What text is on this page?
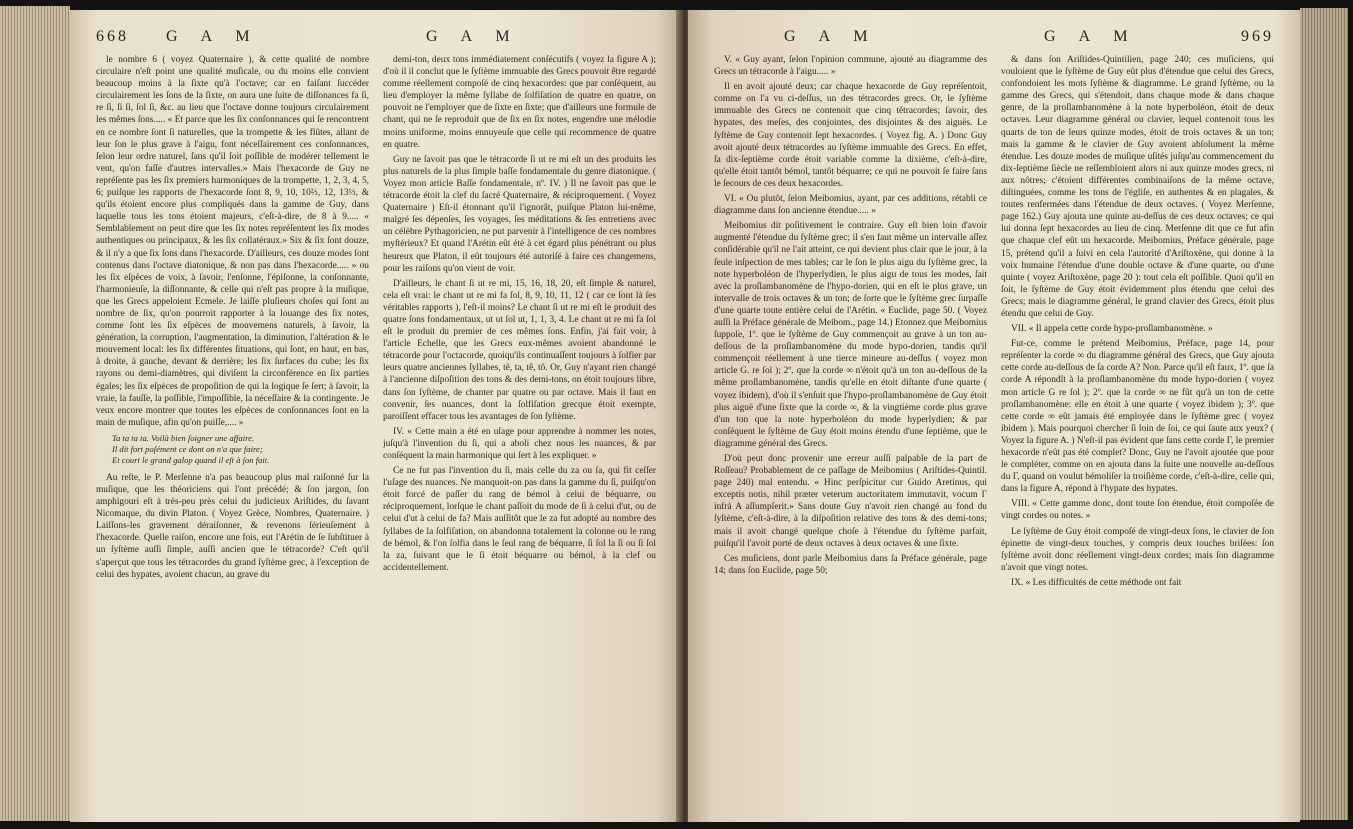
668 G A M	G A M

le nombre 6 ( voyez Quaternaire ), & cette qualité de nombre circulaire n'eſt point une qualité muſicale, ou du moins elle convient beaucoup moins à la ſixte qu'à l'octave; car en faiſant ſuccéder circulairement les ſons de la ſixte, on aura une ſuite de diſſonances fa ſi, re ſi, ſi ſi, ſol ſi, &c. au lieu que l'octave donne toujours circulairement les mêmes ſons..... « Et parce que les ſix conſonnances qui ſe rencontrent en ce nombre ſont ſi naturelles, que la trompette & les flûtes, allant de leur ſon le plus grave à l'aigu, font néceſſairement ces conſonnances, ſelon leur ordre naturel, ſans qu'il ſoit poſſible de modérer tellement le vent, qu'on faſſe d'autres intervalles.» Mais l'hexacorde de Guy ne repréſente pas les ſix premiers harmoniques de la trompette, 1, 2, 3, 4, 5, 6; puiſque les rapports de l'hexacorde ſont 8, 9, 10, 10⅔, 12, 13⅓, & qu'ils étoient encore plus compliqués dans la gamme de Guy, dans laquelle tous les tons étoient majeurs, c'eſt-à-dire, de 8 à 9..... « Semblablement on peut dire que les ſix notes repréſentent les ſix modes authentiques ou principaux, & les ſix collatéraux.» Six & ſix ſont douze, & il n'y a que ſix ſons dans l'hexacorde. D'ailleurs, ces douze modes ſont contenus dans l'octave diatonique, & non pas dans l'hexacorde..... » ou les ſix eſpèces de voix, à ſavoir, l'enſonne, l'épiſonne, la conſonnante, l'harmonieuſe, la diſſonnante, & celle qui n'eſt pas propre à la muſique, que les Grecs appeloient Ecmele. Je laiſſe pluſieurs choſes qui ſont au nombre de ſix, qu'on pourroit rapporter à la louange des ſix notes, comme ſont les ſix eſpèces de mouvemens naturels, à ſavoir, la génération, la corruption, l'augmentation, la diminution, l'altération & le mouvement local: les ſix différentes ſituations, qui ſont, en haut, en bas, à droite, à gauche, devant & derrière; les ſix ſurfaces du cube; les ſix rayons ou demi-diamètres, qui diviſent la circonférence en ſix parties égales; les ſix eſpèces de propoſition de qui la logique ſe ſert; à ſavoir, la vraie, la fauſſe, la poſſible, l'impoſſible, la néceſſaire & la contingente. Je veux encore montrer que toutes les eſpèces de conſonnances ſont en la main de muſique, afin qu'on puiſſe,.... »

Ta ta ta ta. Voilà bien ſoigner une affaire.
Il dit fort poſément ce dont on n'a que faire;
Et court le grand galop quand il eſt à ſon fait.

Au reſte, le P. Merſenne n'a pas beaucoup plus mal raiſonné ſur la muſique, que les théoriciens qui l'ont précédé; & ſon jargon, ſon amphigouri eſt à très-peu près celui du judicieux Ariſtides, du ſavant Nicomaque, du divin Platon. ( Voyez Grèce, Nombres, Quaternaire. ) Laiſſons-les gravement déraiſonner, & revenons ſérieuſement à l'hexacorde. Quelle raiſon, encore une fois, eut l'Arétin de ſe ſubſtituer à un ſyſtème auſſi ſimple, auſſi ancien que le tétracorde? C'eſt qu'il s'aperçut que tous les tétracordes du grand ſyſtème grec, à l'exception de celui des hypates, avoient chacun, au grave du

demi-ton, deux tons immédiatement conſécutifs ( voyez la figure A ); d'où il il conclut que le ſyſtème immuable des Grecs pouvoit être regardé comme réellement compoſé de cinq hexacordes: que par conſéquent, au lieu d'employer la même ſyllabe de ſolfiſation de quatre en quatre, on pouvoit ne l'employer que de ſixte en ſixte; que d'ailleurs une formule de chant, qui ne ſe reproduit que de ſix en ſix notes, engendre une mélodie moins uniforme, moins ennuyeuſe que celle qui recommence de quatre en quatre.

Guy ne ſavoit pas que le tétracorde ſi ut re mi eſt un des produits les plus naturels de la plus ſimple baſſe fondamentale du genre diatonique. ( Voyez mon article Baſſe fondamentale, nº. IV. ) Il ne ſavoit pas que le tétracorde étoit la clef du ſacré Quaternaire, & réciproquement. ( Voyez Quaternaire ) Eſt-il étonnant qu'il l'ignorât, puiſque Platon lui-même, malgré ſes dépenſes, ſes voyages, ſes méditations & ſes entretiens avec un célèbre Pythagoricien, ne put parvenir à l'intelligence de ces nombres myſtérieux? Et quand l'Arétin eût été à cet égard plus pénétrant ou plus heureux que Platon, il eût toujours été autoriſé à faire ces changemens, pour les raiſons qu'on vient de voir.

D'ailleurs, le chant ſi ut re mi, 15, 16, 18, 20, eſt ſimple & naturel, cela eſt vrai: le chant ut re mi fa ſol, 8, 9, 10, 11, 12 ( car ce ſont là ſes véritables rapports ), l'eſt-il moins? Le chant ſi ut re mi eſt le produit des quatre ſons fondamentaux, ut ut ſol ut, 1, 1, 3, 4. Le chant ut re mi fa ſol eſt le produit du premier de ces mêmes ſons. Enfin, j'ai fait voir, à l'article Echelle, que les Grecs eux-mêmes avoient abandonné le tétracorde pour l'octacorde, quoiqu'ils continuaſſent toujours à ſolfier par leurs quatre anciennes ſyllabes, tê, ta, tê, tô. Or, Guy n'ayant rien changé à l'ancienne diſpoſition des tons & des demi-tons, on étoit toujours libre, dans ſon ſyſtème, de chanter par quatre ou par octave. Mais il faut en convenir, ſes nuances, dont la ſolfiſation grecque étoit exempte, paroiſſent effacer tous les avantages de ſon ſyſtème.

IV. « Cette main a été en uſage pour apprendre à nommer les notes, juſqu'à l'invention du ſi, qui a aboli chez nous les nuances, & par conſéquent la main harmonique qui ſert à les expliquer. »

Ce ne fut pas l'invention du ſi, mais celle du za ou ſa, qui fit ceſſer l'uſage des nuances. Ne manquoit-on pas dans la gamme du ſi, puiſqu'on étoit forcé de paſſer du rang de bémol à celui de béquarre, ou réciproquement, lorſque le chant paſſoit du mode de ſi à celui d'ut, ou de celui d'ut à celui de fa? Mais auſſitôt que le za fut adopté au nombre des ſyllabes de la ſolfiſation, on abandonna totalement la colonne ou le rang de bémol, & l'on ſolfia dans le ſeul rang de béquarre, ſi ſol la ſi ou ſi ſol la za, ſuivant que le ſi étoit béquarre ou bémol, à la clef ou accidentellement.

G A M	G A M	969

V. « Guy ayant, ſelon l'opinion commune, ajouté au diagramme des Grecs un tétracorde à l'aigu..... »

Il en avoit ajouté deux; car chaque hexacorde de Guy repréſentoit, comme on l'a vu ci-deſſus, un des tétracordes grecs. Or, le ſyſtème immuable des Grecs ne contenoit que cinq tétracordes; ſavoir, des hypates, des meſes, des conjointes, des disjointes & des aiguës. Le ſyſtème de Guy contenoit ſept hexacordes. ( Voyez fig. A. ) Donc Guy avoit ajouté deux tétracordes au ſyſtème immuable des Grecs. En effet, ſa dix-ſeptième corde étoit variable comme la dixième, c'eſt-à-dire, qu'elle étoit tantôt bémol, tantôt béquarre; ce qui ne pouvoit ſe faire ſans le ſecours de ces deux hexacordes.

VI. « Ou plutôt, ſelon Meibomius, ayant, par ces additions, rétabli ce diagramme dans ſon ancienne étendue..... »

Meibomius dit poſitivement le contraire. Guy eſt bien loin d'avoir augmenté l'étendue du ſyſtème grec; il s'en faut même un intervalle aſſez conſidérable qu'il ne l'ait atteint, ce qui devient plus clair que le jour, à la ſeule inſpection de mes tables; car le ſon le plus aigu du ſyſtème grec, la note hyperboléon de l'hyperlydien, le plus aigu de tous les modes, ſait avec la proſlambanomène de l'hypo-dorien, qui en eſt le plus grave, un intervalle de trois octaves & un ton; de ſorte que le ſyſtème grec ſurpaſſe d'une quarte toute entière celui de l'Arétin. « Euclide, page 50. ( Voyez auſſi la Préface générale de Meibom., page 14.) Etonnez que Meibomius ſuppoſe, 1º. que le ſyſtème de Guy commençoit au grave à un ton au-deſſous de la proſlambanomène du mode hypo-dorien, tandis qu'il commençoit réellement à une tierce mineure au-deſſus ( voyez mon article G. re ſol ); 2º. que la corde ∞ n'étoit qu'à un ton au-deſſous de la même proſlambanomène, tandis qu'elle en étoit diſtante d'une quarte ( voyez ibidem), d'où il s'enſuit que l'hypo-proſlambanomène de Guy étoit plus aiguë d'une ſixte que la corde ∞, & la vingtième corde plus grave d'un ton que la note hyperboléon du mode hyperlydien; & par conſéquent le ſyſtème de Guy étoit moins étendu d'une ſeptième, que le diagramme général des Grecs.

D'où peut donc provenir une erreur auſſi palpable de la part de Roſſeau? Probablement de ce paſſage de Meibomius ( Ariſtides-Quintil. page 240) mal entendu. « Hinc perſpicitur cur Guido Aretinus, qui exceptis notis, nihil præter veterum auctoritatem immutavit, vocum Γ infrà A aſſumpſerit.» Sans doute Guy n'avoit rien changé au fond du ſyſtème, c'eſt-à-dire, à la diſpoſition relative des tons & des demi-tons; mais il avoit changé quelque choſe à l'étendue du ſyſtème parfait, puiſqu'il l'avoit porté de deux octaves à deux octaves & une ſixte.

Ces muſiciens, dont parle Meibomius dans ſa Préface générale, page 14; dans ſon Euclide, page 50;

& dans ſon Ariſtides-Quintilien, page 240; ces muſiciens, qui vouloient que le ſyſtème de Guy eût plus d'étendue que celui des Grecs, confondoient les mots ſyſtème & diagramme. Le grand ſyſtème, ou la gamme des Grecs, qui s'étendoit, dans chaque mode & dans chaque genre, de la proſlambanomène à la note hyperboléon, étoit de deux octaves. Leur diagramme général ou clavier, lequel contenoit tous les quarts de ton de leurs quinze modes, étoit de trois octaves & un ton; mais la gamme & le clavier de Guy avoient abſolument la même étendue. Les douze modes de muſique uſités juſqu'au commencement du dix-ſeptième ſiècle ne reſſembloient alors ni aux quinze modes grecs, ni aux nôtres; c'étoient différentes combinaiſons de la même octave, diſtinguées, comme les tons de l'égliſe, en authentes & en plagales, & toutes renfermées dans l'étendue de deux octaves. ( Voyez Merſenne, page 162.) Guy ajouta une quinte au-deſſus de ces deux octaves; ce qui lui donna ſept hexacordes au lieu de cinq. Merſenne dit que ce fut afin que chaque clef eût un hexacorde. Meibomius, Préface générale, page 15, prétend qu'il a ſuivi en cela l'autorité d'Ariſtoxène, qui donne à la voix humaine l'étendue d'une double octave & d'une quarte, ou d'une quinte ( voyez Ariſtoxène, page 20 ): tout cela eſt poſſible. Quoi qu'il en ſoit, le ſyſtème de Guy étoit évidemment plus étendu que celui des Grecs; mais le diagramme général, le grand clavier des Grecs, étoit plus étendu que celui de Guy.

VII. « Il appela cette corde hypo-proſlambanomène. »

Fut-ce, comme le prétend Meibomius, Préface, page 14, pour repréſenter la corde ∞ du diagramme général des Grecs, que Guy ajouta cette corde au-deſſous de ſa corde A? Non. Parce qu'il eſt faux, 1º. que ſa corde A répondît à la proſlambanomène du mode hypo-dorien ( voyez mon article G re ſol ); 2º. que la corde ∞ ne fût qu'à un ton de cette proſlambanomène: elle en étoit à une quarte ( voyez ibidem ); 3º. que cette corde ∞ eût jamais été employée dans le ſyſtème grec ( voyez ibidem ). Mais pourquoi chercher ſi loin de ſoi, ce qui ſaute aux yeux? ( Voyez la figure A. ) N'eſt-il pas évident que ſans cette corde Γ, le premier hexacorde n'eût pas été complet? Donc, Guy ne l'avoit ajoutée que pour le compléter, comme on en ajouta dans la ſuite une nouvelle au-deſſous du Γ, quand on voulut bémoliſer la troiſième corde, c'eſt-à-dire, celle qui, dans la figure A, répond à l'hypate des hypates.

VIII. « Cette gamme donc, dont toute ſon étendue, étoit compoſée de vingt cordes ou notes. »

Le ſyſtème de Guy étoit compoſé de vingt-deux ſons, le clavier de ſon épinette de vingt-deux touches, y compris deux touches briſées: ſon ſyſtème avoit donc réellement vingt-deux cordes; mais ſon diagramme n'avoit que vingt notes.

IX. « Les difficultés de cette méthode ont fait
